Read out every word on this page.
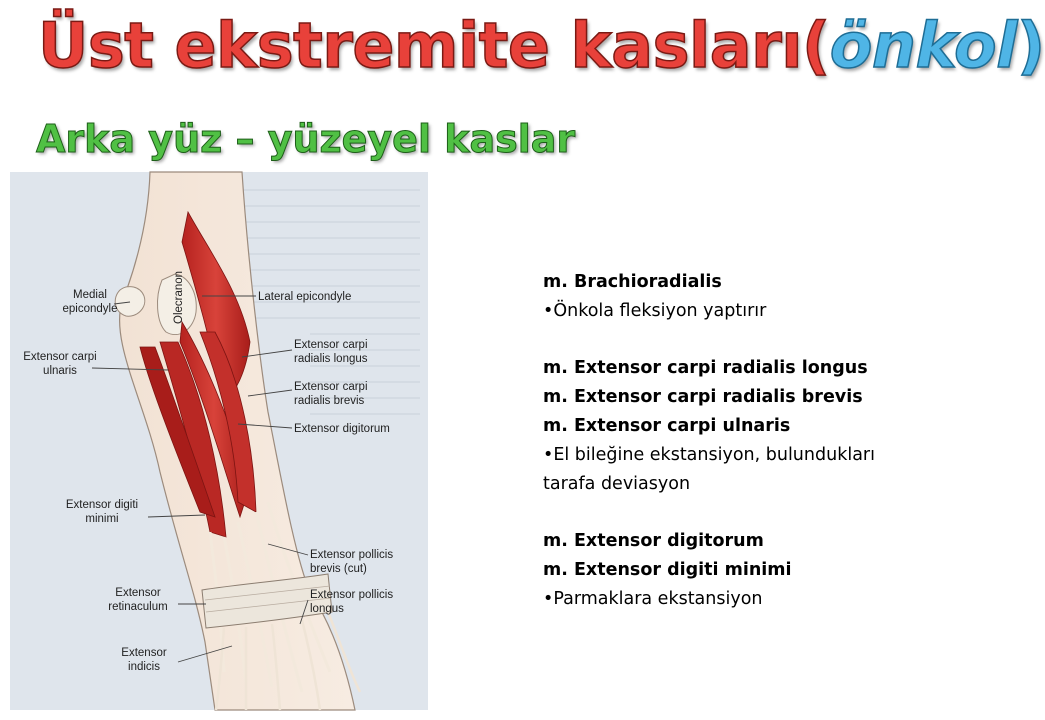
Üst ekstremite kasları(önkol)
Arka yüz – yüzeyel kaslar
Medial
epicondyle	Olecranon	Lateral epicondyle
Extensor carpi
radialis longus
Extensor carpi
ulnaris
Extensor carpi
radialis brevis
Extensor digitorum
Extensor digiti
minimi
Extensor pollicis
brevis (cut)
Extensor
retinaculum
Extensor pollicis
longus
Extensor
indicis
m. Brachioradialis
•Önkola fleksiyon yaptırır
m. Extensor carpi radialis longus
m. Extensor carpi radialis brevis
m. Extensor carpi ulnaris
•El bileğine ekstansiyon, bulundukları
tarafa deviasyon
m. Extensor digitorum
m. Extensor digiti minimi
•Parmaklara ekstansiyon
